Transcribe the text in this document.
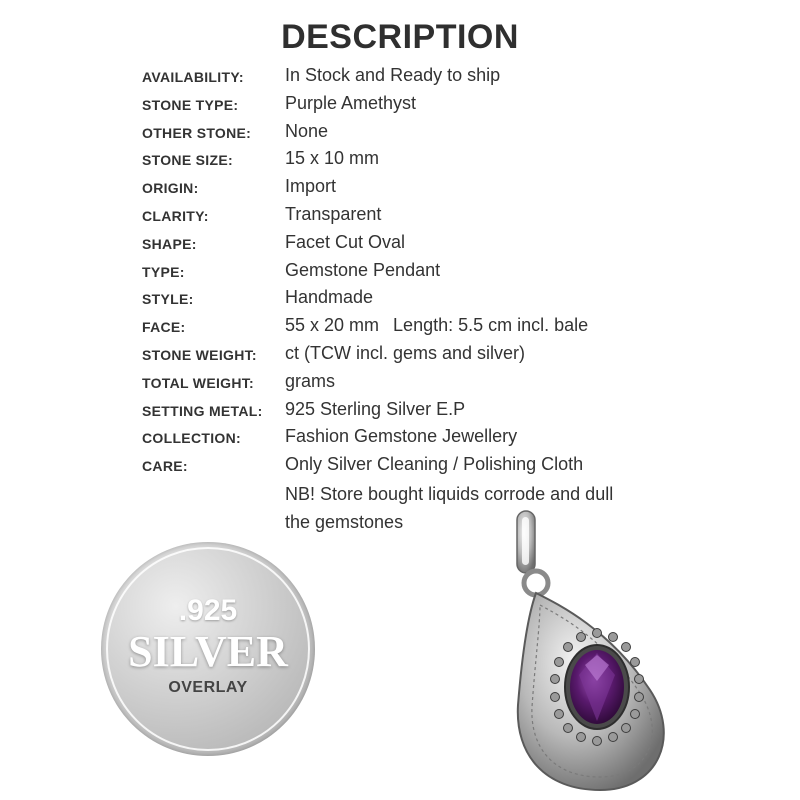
DESCRIPTION
AVAILABILITY: In Stock and Ready to ship
STONE TYPE:	Purple Amethyst
OTHER STONE: None
STONE SIZE:	15 x 10 mm
ORIGIN:	Import
CLARITY:	Transparent
SHAPE:	Facet Cut Oval
TYPE:	Gemstone Pendant
STYLE:	Handmade
FACE:	55 x 20 mm Length: 5.5 cm incl. bale
STONE WEIGHT: ct (TCW incl. gems and silver)
TOTAL WEIGHT: grams
SETTING METAL: 925 Sterling Silver E.P
COLLECTION: Fashion Gemstone Jewellery
CARE:	Only Silver Cleaning / Polishing Cloth
NB! Store bought liquids corrode and dull
the gemstones
.925
SILVER
OVERLAY
